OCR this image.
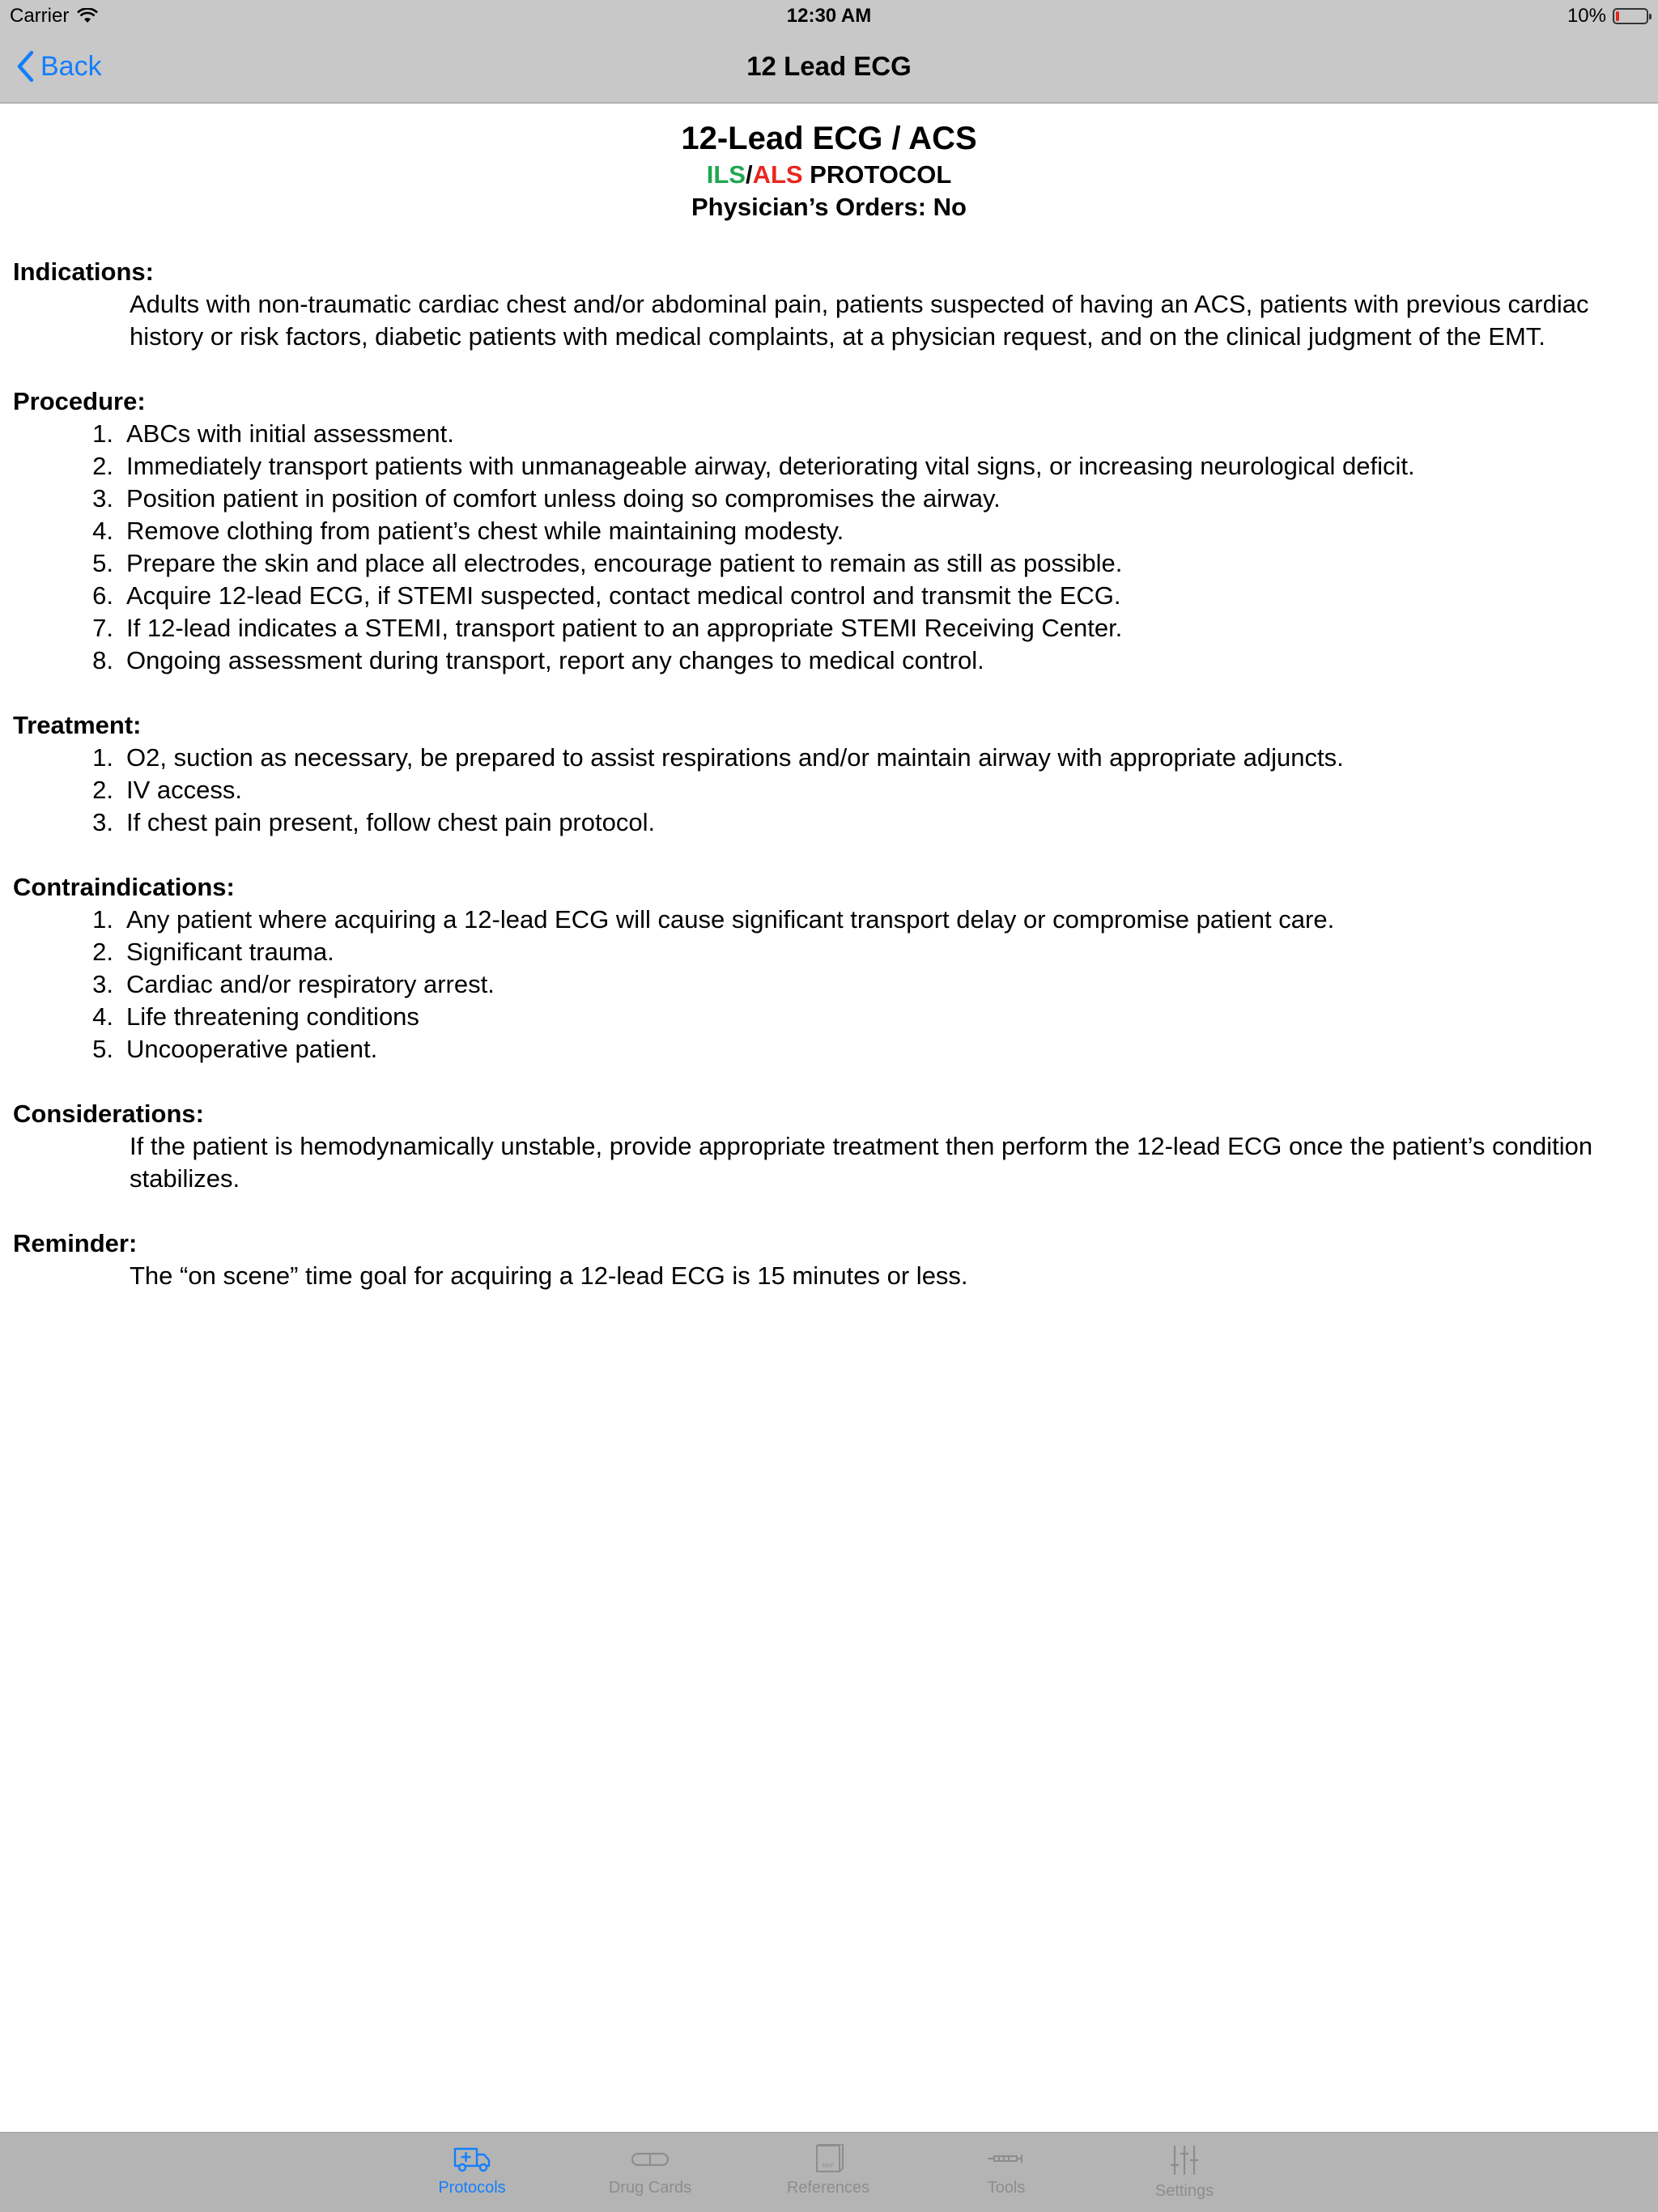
Carrier	12:30 AM	10%
Back	12 Lead ECG
12-Lead ECG / ACS
ILS/ALS PROTOCOL
Physician’s Orders: No
Indications:
Adults with non-traumatic cardiac chest and/or abdominal pain, patients suspected of having an ACS, patients with previous cardiac history or risk factors, diabetic patients with medical complaints, at a physician request, and on the clinical judgment of the EMT.
Procedure:
1. ABCs with initial assessment.
2. Immediately transport patients with unmanageable airway, deteriorating vital signs, or increasing neurological deficit.
3. Position patient in position of comfort unless doing so compromises the airway.
4. Remove clothing from patient’s chest while maintaining modesty.
5. Prepare the skin and place all electrodes, encourage patient to remain as still as possible.
6. Acquire 12-lead ECG, if STEMI suspected, contact medical control and transmit the ECG.
7. If 12-lead indicates a STEMI, transport patient to an appropriate STEMI Receiving Center.
8. Ongoing assessment during transport, report any changes to medical control.
Treatment:
1. O2, suction as necessary, be prepared to assist respirations and/or maintain airway with appropriate adjuncts.
2. IV access.
3. If chest pain present, follow chest pain protocol.
Contraindications:
1. Any patient where acquiring a 12-lead ECG will cause significant transport delay or compromise patient care.
2. Significant trauma.
3. Cardiac and/or respiratory arrest.
4. Life threatening conditions
5. Uncooperative patient.
Considerations:
If the patient is hemodynamically unstable, provide appropriate treatment then perform the 12-lead ECG once the patient’s condition stabilizes.
Reminder:
The “on scene” time goal for acquiring a 12-lead ECG is 15 minutes or less.
Protocols	Drug Cards
REF
References	Tools	Settings
